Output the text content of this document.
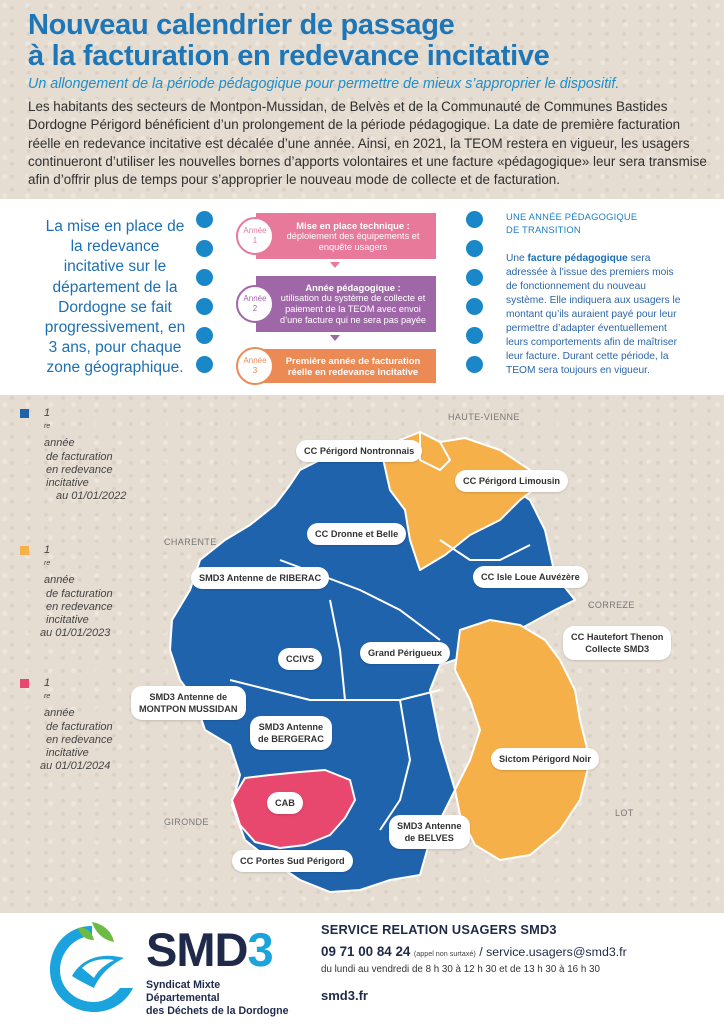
Nouveau calendrier de passage
à la facturation en redevance incitative

Un allongement de la période pédagogique pour permettre de mieux s’approprier le dispositif.

Les habitants des secteurs de Montpon-Mussidan, de Belvès et de la Communauté de Communes Bastides Dordogne Périgord bénéficient d’un prolongement de la période pédagogique. La date de première facturation réelle en redevance incitative est décalée d’une année. Ainsi, en 2021, la TEOM restera en vigueur, les usagers continueront d’utiliser les nouvelles bornes d’apports volontaires et une facture «pédagogique» leur sera transmise afin d’offrir plus de temps pour s’approprier le nouveau mode de collecte et de facturation.

La mise en place de la redevance incitative sur le département de la Dordogne se fait progressivement, en 3 ans, pour chaque zone géographique.

Mise en place technique :
déploiement des équipements et enquête usagers
Année
1
Année pédagogique :
utilisation du système de collecte et paiement de la TEOM avec envoi d’une facture qui ne sera pas payée
Année
2
Première année de facturation réelle en redevance incitative
Année
3

UNE ANNÉE PÉDAGOGIQUE
DE TRANSITION

Une facture pédagogique sera adressée à l’issue des premiers mois de fonctionnement du nouveau système. Elle indiquera aux usagers le montant qu’ils auraient payé pour leur permettre d’adapter éventuellement leurs comportements afin de maîtriser leur facture. Durant cette période, la TEOM sera toujours en vigueur.

1
$^{re}$
année
de facturation
en redevance
incitative
au 01/01/2022
1
$^{re}$
année
de facturation
en redevance
incitative
au 01/01/2023
1
$^{re}$
année
de facturation
en redevance
incitative
au 01/01/2024
HAUTE-VIENNE
CHARENTE
CORREZE
GIRONDE
LOT
CC Périgord Nontronnais
CC Périgord Limousin
CC Dronne et Belle
SMD3 Antenne de RIBERAC	CC Isle Loue Auvézère
CC Hautefort Thenon
Collecte SMD3
CCIVS
Grand Périgueux
SMD3 Antenne de
MONTPON MUSSIDAN
SMD3 Antenne
de BERGERAC
Sictom Périgord Noir
CAB
SMD3 Antenne
de BELVES
CC Portes Sud Périgord
SMD3
Syndicat Mixte Départemental
des Déchets de la Dordogne
SERVICE RELATION USAGERS SMD3
09 71 00 84 24 (appel non surtaxé) / service.usagers@smd3.fr
du lundi au vendredi de 8 h 30 à 12 h 30 et de 13 h 30 à 16 h 30
smd3.fr
